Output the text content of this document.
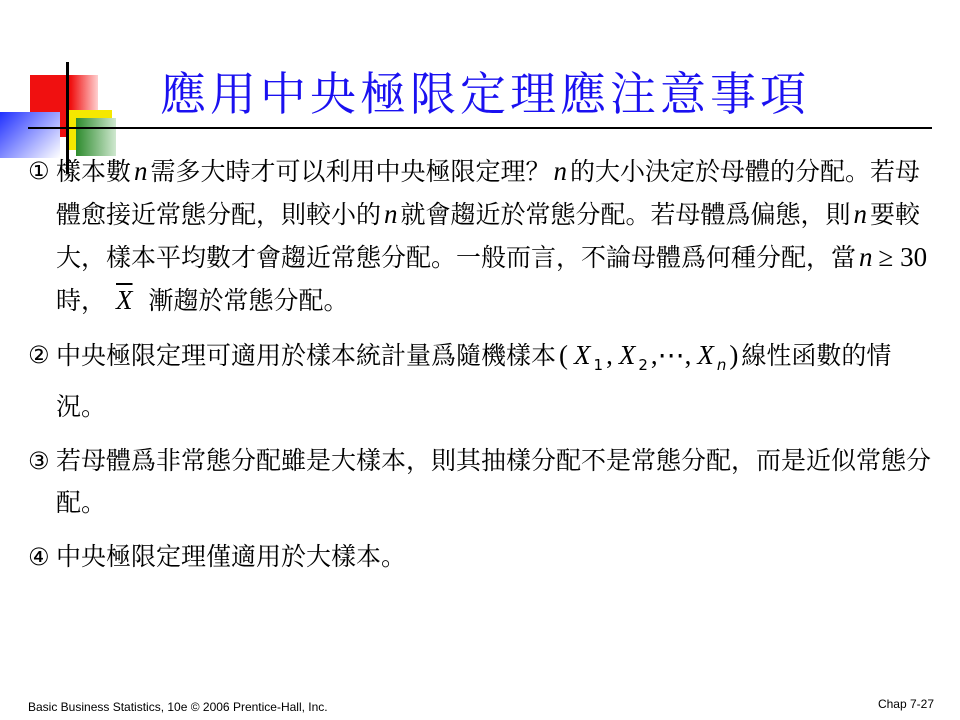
應用中央極限定理應注意事項
① 樣本數 n 需多大時才可以利用中央極限定理？ n 的大小決定於母體的分配。若母體愈接近常態分配，則較小的 n 就會趨近於常態分配。若母體爲偏態，則 n 要較大，樣本平均數才會趨近常態分配。一般而言，不論母體爲何種分配，當 n ≥ 30時， $\overline{X}$ 漸趨於常態分配。
② 中央極限定理可適用於樣本統計量爲隨機樣本 ( X $_1$ , X $_2$ ,⋯, X $_n$ ) 線性函數的情況。
③ 若母體爲非常態分配雖是大樣本，則其抽樣分配不是常態分配，而是近似常態分配。
④ 中央極限定理僅適用於大樣本。
Basic Business Statistics, 10e © 2006 Prentice-Hall, Inc.	Chap 7-27
